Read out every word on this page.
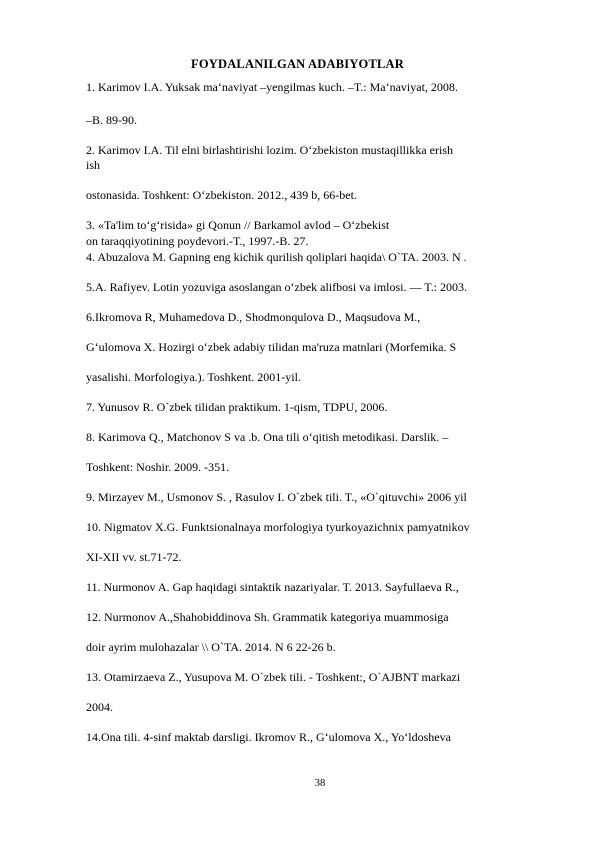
FOYDALANILGAN ADABIYOTLAR
1. Karimov I.A. Yuksak ma‘naviyat –yengilmas kuch. –T.: Ma‘naviyat, 2008.
–B. 89-90.
2. Karimov I.A. Til elni birlashtirishi lozim. O‘zbekiston mustaqillikka erish
ish
ostonasida. Toshkent: O‘zbekiston. 2012., 439 b, 66-bet.
3. «Ta'lim to‘g‘risida» gi Qonun // Barkamol avlod – O‘zbekist
on taraqqiyotining poydevori.-T., 1997.-B. 27.
4. Abuzalova M. Gapning eng kichik qurilish qoliplari haqida\ O`TA. 2003. N .
5.A. Rafiyev. Lotin yozuviga asoslangan o‘zbek alifbosi va imlosi. — T.: 2003.
6.Ikromova R, Muhamedova D., Shodmonqulova D., Maqsudova M.,
G‘ulomova X. Hozirgi o‘zbek adabiy tilidan ma'ruza matnlari (Morfemika. S
yasalishi. Morfologiya.). Toshkent. 2001-yil.
7. Yunusov R. O`zbek tilidan praktikum. 1-qism, TDPU, 2006.
8. Karimova Q., Matchonov S va .b. Ona tili o‘qitish metodikasi. Darslik. –
Toshkent: Noshir. 2009. -351.
9. Mirzayev M., Usmonov S. , Rasulov I. O`zbek tili. T., «O`qituvchi» 2006 yil
10. Nigmatov X.G. Funktsionalnaya morfologiya tyurkoyazichnix pamyatnikov
XI-XII vv. st.71-72.
11. Nurmonov A. Gap haqidagi sintaktik nazariyalar. T. 2013. Sayfullaeva R.,
12. Nurmonov A.,Shahobiddinova Sh. Grammatik kategoriya muammosiga
doir ayrim mulohazalar \\ O`TA. 2014. N 6 22-26 b.
13. Otamirzaeva Z., Yusupova M. O`zbek tili. - Toshkent:, O`AJBNT markazi
2004.
14.Ona tili. 4-sinf maktab darsligi. Ikromov R., G‘ulomova X., Yo‘ldosheva
38
